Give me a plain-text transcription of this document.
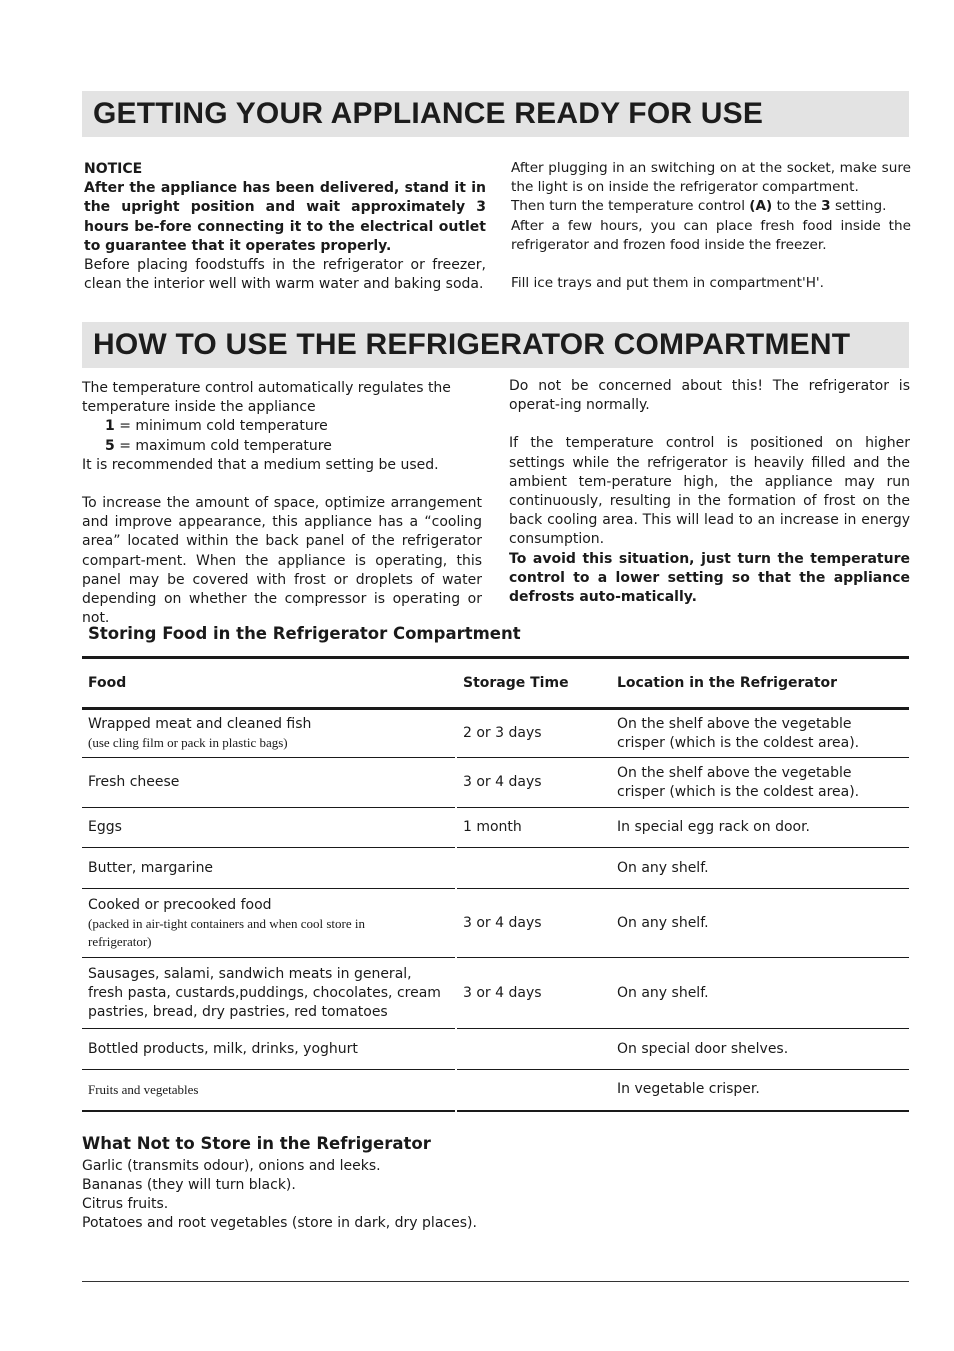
GETTING YOUR APPLIANCE READY FOR USE

NOTICE

After the appliance has been delivered, stand it in the upright position and wait approximately 3 hours be-fore connecting it to the electrical outlet to guarantee that it operates properly.

Before placing foodstuffs in the refrigerator or freezer, clean the interior well with warm water and baking soda.

After plugging in an switching on at the socket, make sure the light is on inside the refrigerator compartment.

Then turn the temperature control (A) to the 3 setting.

After a few hours, you can place fresh food inside the refrigerator and frozen food inside the freezer.

Fill ice trays and put them in compartment'H'.

HOW TO USE THE REFRIGERATOR COMPARTMENT

The temperature control automatically regulates the temperature inside the appliance

1 = minimum cold temperature

5 = maximum cold temperature

It is recommended that a medium setting be used.

To increase the amount of space, optimize arrangement and improve appearance, this appliance has a “cooling area” located within the back panel of the refrigerator compart-ment. When the appliance is operating, this panel may be covered with frost or droplets of water depending on whether the compressor is operating or not.

Do not be concerned about this! The refrigerator is operat-ing normally.

If the temperature control is positioned on higher settings while the refrigerator is heavily filled and the ambient tem-perature high, the appliance may run continuously, resulting in the formation of frost on the back cooling area. This will lead to an increase in energy consumption.

To avoid this situation, just turn the temperature control to a lower setting so that the appliance defrosts auto-matically.

Storing Food in the Refrigerator Compartment
Food	Storage Time	Location in the Refrigerator

Wrapped meat and cleaned fish
(use cling film or pack in plastic bags)	2 or 3 days	On the shelf above the vegetable crisper (which is the coldest area).
Fresh cheese	3 or 4 days	On the shelf above the vegetable crisper (which is the coldest area).
Eggs	1 month	In special egg rack on door.
Butter, margarine		On any shelf.

Cooked or precooked food
(packed in air-tight containers and when cool store in refrigerator)	3 or 4 days	On any shelf.
Sausages, salami, sandwich meats in general, fresh pasta, custards,puddings, chocolates, cream pastries, bread, dry pastries, red tomatoes	3 or 4 days	On any shelf.
Bottled products, milk, drinks, yoghurt		On special door shelves.
Fruits and vegetables		In vegetable crisper.
What Not to Store in the Refrigerator

Garlic (transmits odour), onions and leeks.

Bananas (they will turn black).

Citrus fruits.

Potatoes and root vegetables (store in dark, dry places).
